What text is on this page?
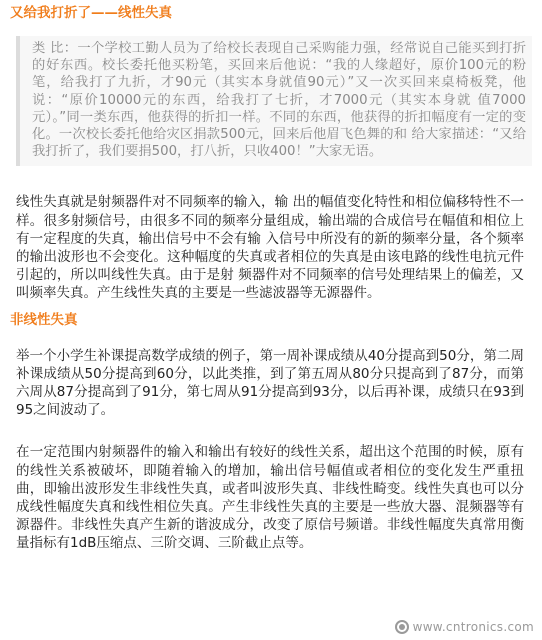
又给我打折了——线性失真
类 比：一个学校工勤人员为了给校长表现自己采购能力强，经常说自己能买到打折的好东西。校长委托他买粉笔，买回来后他说：“我的人缘超好，原价100元的粉 笔，给我打了九折，才90元（其实本身就值90元）”又一次买回来桌椅板凳，他说：“原价10000元的东西，给我打了七折，才7000元（其实本身就 值7000元）。”同一类东西，他获得的折扣一样。不同的东西，他获得的折扣幅度有一定的变化。一次校长委托他给灾区捐款500元，回来后他眉飞色舞的和 给大家描述：“又给我打折了，我们要捐500，打八折，只收400！”大家无语。

线性失真就是射频器件对不同频率的输入，输 出的幅值变化特性和相位偏移特性不一样。很多射频信号，由很多不同的频率分量组成，输出端的合成信号在幅值和相位上有一定程度的失真，输出信号中不会有输 入信号中所没有的新的频率分量，各个频率的输出波形也不会变化。这种幅度的失真或者相位的失真是由该电路的线性电抗元件引起的，所以叫线性失真。由于是射 频器件对不同频率的信号处理结果上的偏差，又叫频率失真。产生线性失真的主要是一些滤波器等无源器件。

非线性失真

举一个小学生补课提高数学成绩的例子，第一周补课成绩从40分提高到50分，第二周补课成绩从50分提高到60分，以此类推，到了第五周从80分只提高到了87分，而第六周从87分提高到了91分，第七周从91分提高到93分，以后再补课，成绩只在93到95之间波动了。

在一定范围内射频器件的输入和输出有较好的线性关系，超出这个范围的时候，原有的线性关系被破坏，即随着输入的增加，输出信号幅值或者相位的变化发生严重扭曲，即输出波形发生非线性失真，或者叫波形失真、非线性畸变。线性失真也可以分成线性幅度失真和线性相位失真。产生非线性失真的主要是一些放大器、混频器等有源器件。非线性失真产生新的谐波成分，改变了原信号频谱。非线性幅度失真常用衡量指标有1dB压缩点、三阶交调、三阶截止点等。

www.cntronics.com
